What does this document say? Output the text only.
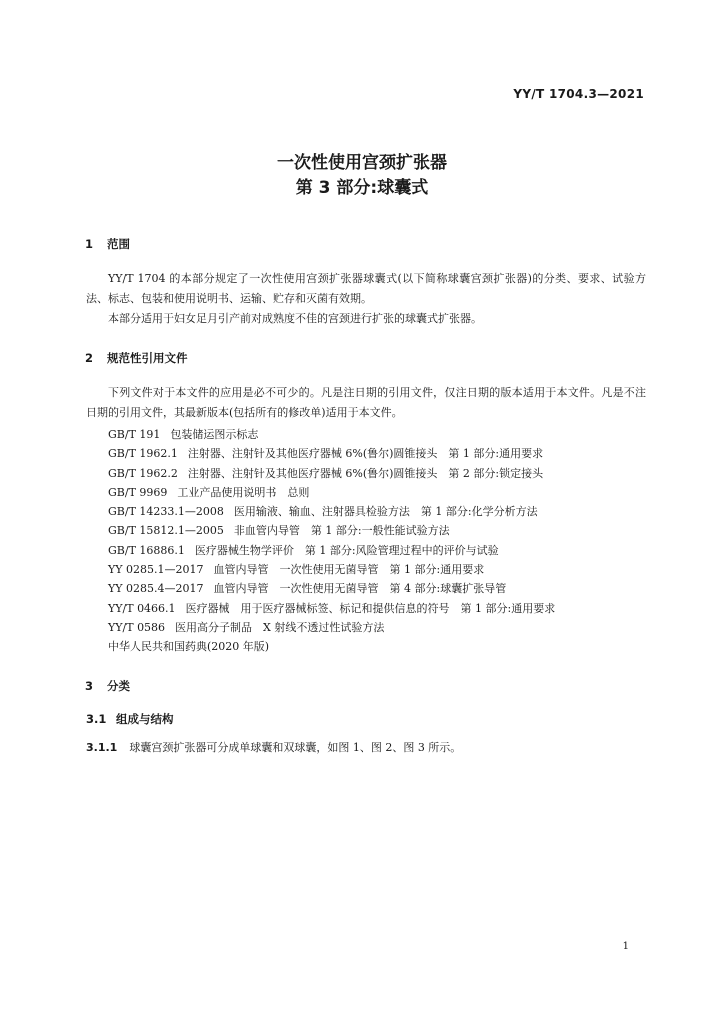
YY/T 1704.3—2021
一次性使用宫颈扩张器
第 3 部分:球囊式
1 范围
YY/T 1704 的本部分规定了一次性使用宫颈扩张器球囊式(以下简称球囊宫颈扩张器)的分类、要求、试验方法、标志、包装和使用说明书、运输、贮存和灭菌有效期。
本部分适用于妇女足月引产前对成熟度不佳的宫颈进行扩张的球囊式扩张器。
2 规范性引用文件
下列文件对于本文件的应用是必不可少的。凡是注日期的引用文件，仅注日期的版本适用于本文件。凡是不注日期的引用文件，其最新版本(包括所有的修改单)适用于本文件。
GB/T 191 包装储运图示标志
GB/T 1962.1 注射器、注射针及其他医疗器械 6%(鲁尔)圆锥接头　第 1 部分:通用要求
GB/T 1962.2 注射器、注射针及其他医疗器械 6%(鲁尔)圆锥接头　第 2 部分:锁定接头
GB/T 9969 工业产品使用说明书　总则
GB/T 14233.1—2008 医用输液、输血、注射器具检验方法　第 1 部分:化学分析方法
GB/T 15812.1—2005 非血管内导管　第 1 部分:一般性能试验方法
GB/T 16886.1 医疗器械生物学评价　第 1 部分:风险管理过程中的评价与试验
YY 0285.1—2017 血管内导管　一次性使用无菌导管　第 1 部分:通用要求
YY 0285.4—2017 血管内导管　一次性使用无菌导管　第 4 部分:球囊扩张导管
YY/T 0466.1 医疗器械　用于医疗器械标签、标记和提供信息的符号　第 1 部分:通用要求
YY/T 0586 医用高分子制品　X 射线不透过性试验方法
中华人民共和国药典(2020 年版)
3 分类
3.1 组成与结构
3.1.1 球囊宫颈扩张器可分成单球囊和双球囊，如图 1、图 2、图 3 所示。
1
